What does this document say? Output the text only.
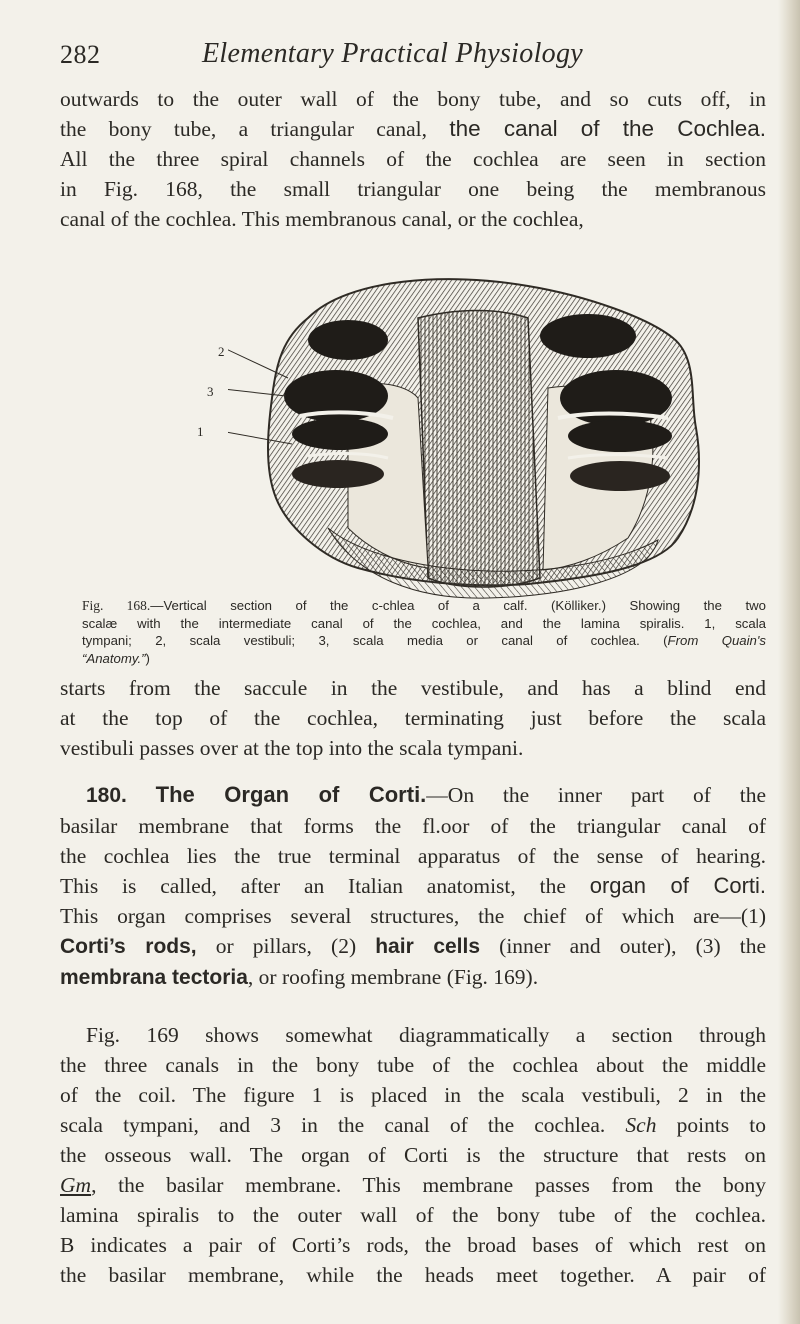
282	Elementary Practical Physiology

outwards to the outer wall of the bony tube, and so cuts off, in
the bony tube, a triangular canal, the canal of the Cochlea.
All the three spiral channels of the cochlea are seen in section
in Fig. 168, the small triangular one being the membranous
canal of the cochlea. This membranous canal, or the cochlea,

2
3
1

Fig. 168.—Vertical section of the c-chlea of a calf. (Kölliker.) Showing the two
scalæ with the intermediate canal of the cochlea, and the lamina spiralis. 1, scala
tympani; 2, scala vestibuli; 3, scala media or canal of cochlea. (From Quain's
“Anatomy.”)

starts from the saccule in the vestibule, and has a blind end
at the top of the cochlea, terminating just before the scala
vestibuli passes over at the top into the scala tympani.

180. The Organ of Corti.—On the inner part of the
basilar membrane that forms the fl.oor of the triangular canal of
the cochlea lies the true terminal apparatus of the sense of hearing.
This is called, after an Italian anatomist, the organ of Corti.
This organ comprises several structures, the chief of which are—(1)
Corti’s rods, or pillars, (2) hair cells (inner and outer), (3) the
membrana tectoria, or roofing membrane (Fig. 169).

Fig. 169 shows somewhat diagrammatically a section through
the three canals in the bony tube of the cochlea about the middle
of the coil. The figure 1 is placed in the scala vestibuli, 2 in the
scala tympani, and 3 in the canal of the cochlea. Sch points to
the osseous wall. The organ of Corti is the structure that rests on
Gm, the basilar membrane. This membrane passes from the bony
lamina spiralis to the outer wall of the bony tube of the cochlea.
B indicates a pair of Corti’s rods, the broad bases of which rest on
the basilar membrane, while the heads meet together. A pair of
